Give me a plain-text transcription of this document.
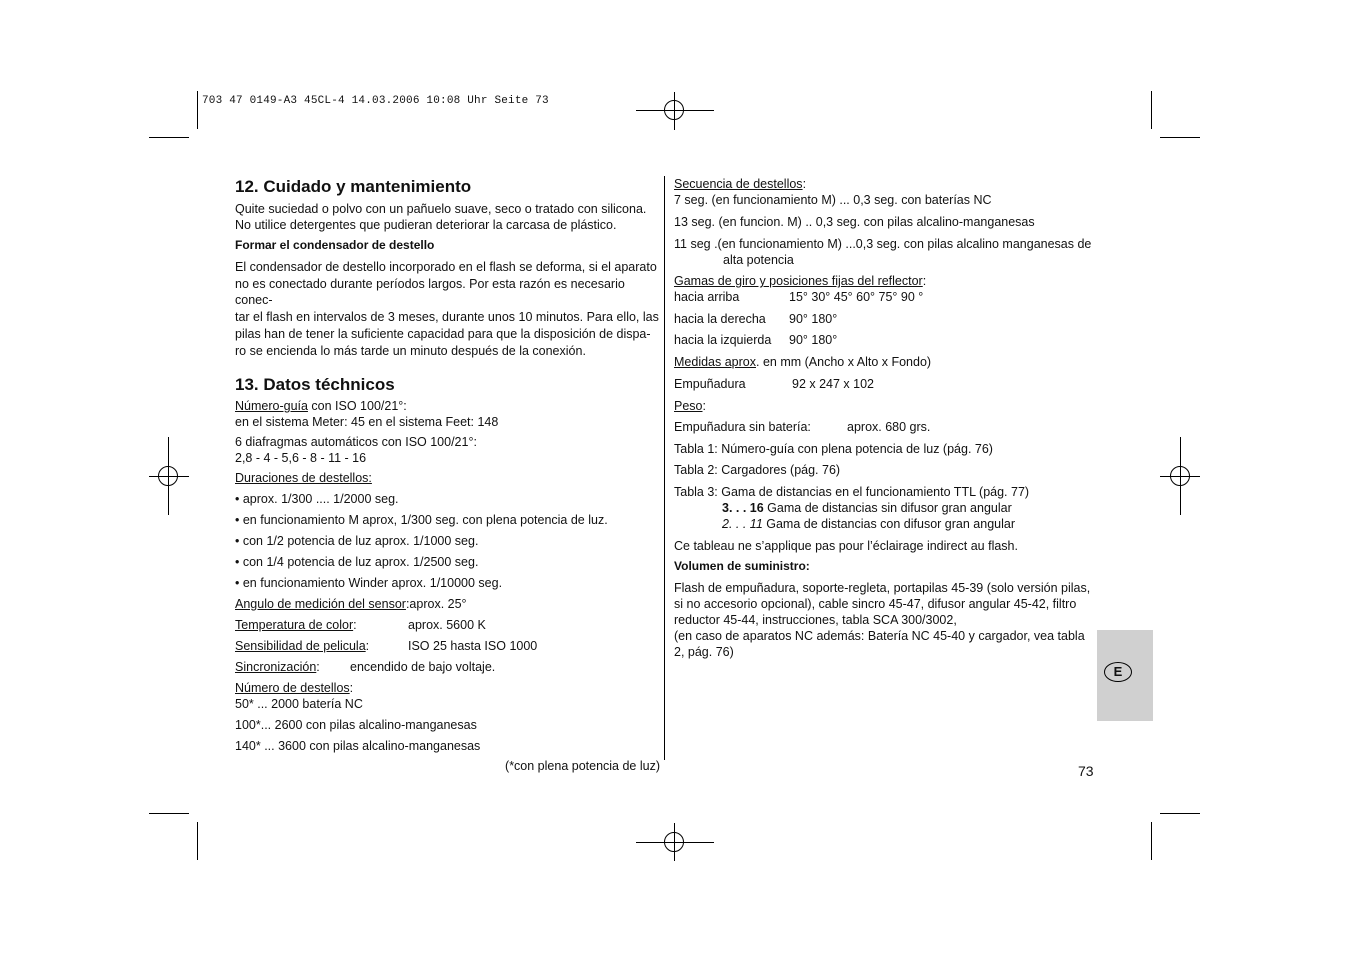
703 47 0149-A3 45CL-4 14.03.2006 10:08 Uhr Seite 73

12. Cuidado y mantenimiento

Quite suciedad o polvo con un pañuelo suave, seco o tratado con silicona.

No utilice detergentes que pudieran deteriorar la carcasa de plástico.

Formar el condensador de destello

El condensador de destello incorporado en el flash se deforma, si el aparato

no es conectado durante períodos largos. Por esta razón es necesario conec-

tar el flash en intervalos de 3 meses, durante unos 10 minutos. Para ello, las

pilas han de tener la suficiente capacidad para que la disposición de dispa-

ro se encienda lo más tarde un minuto después de la conexión.

13. Datos téchnicos

Número-guía con ISO 100/21°:

en el sistema Meter: 45 en el sistema Feet: 148

6 diafragmas automáticos con ISO 100/21°:

2,8 - 4 - 5,6 - 8 - 11 - 16

Duraciones de destellos:

• aprox. 1/300 .... 1/2000 seg.

• en funcionamiento M aprox, 1/300 seg. con plena potencia de luz.

• con 1/2 potencia de luz aprox. 1/1000 seg.

• con 1/4 potencia de luz aprox. 1/2500 seg.

• en funcionamiento Winder aprox. 1/10000 seg.

Angulo de medición del sensor:aprox. 25°

Temperatura de color:	aprox. 5600 K

Sensibilidad de pelicula:	ISO 25 hasta ISO 1000

Sincronización:	encendido de bajo voltaje.

Número de destellos:

50* ... 2000 batería NC

100*... 2600 con pilas alcalino-manganesas

140* ... 3600 con pilas alcalino-manganesas

(*con plena potencia de luz)

Secuencia de destellos:

7 seg. (en funcionamiento M) ... 0,3 seg. con baterías NC

13 seg. (en funcion. M) .. 0,3 seg. con pilas alcalino-manganesas

11 seg .(en funcionamiento M) ...0,3 seg. con pilas alcalino manganesas de

alta potencia

Gamas de giro y posiciones fijas del reflector:

hacia arriba	15° 30° 45° 60° 75° 90 °

hacia la derecha	90° 180°

hacia la izquierda	90° 180°

Medidas aprox. en mm (Ancho x Alto x Fondo)

Empuñadura	92 x 247 x 102

Peso:

Empuñadura sin batería:	aprox. 680 grs.

Tabla 1: Número-guía con plena potencia de luz (pág. 76)

Tabla 2: Cargadores (pág. 76)

Tabla 3: Gama de distancias en el funcionamiento TTL (pág. 77)

3. . . 16 Gama de distancias sin difusor gran angular

2. . . 11 Gama de distancias con difusor gran angular

Ce tableau ne s’applique pas pour l’éclairage indirect au flash.

Volumen de suministro:

Flash de empuñadura, soporte-regleta, portapilas 45-39 (solo versión pilas,

si no accesorio opcional), cable sincro 45-47, difusor angular 45-42, filtro

reductor 45-44, instrucciones, tabla SCA 300/3002,

(en caso de aparatos NC además: Batería NC 45-40 y cargador, vea tabla

2, pág. 76)

E
73
